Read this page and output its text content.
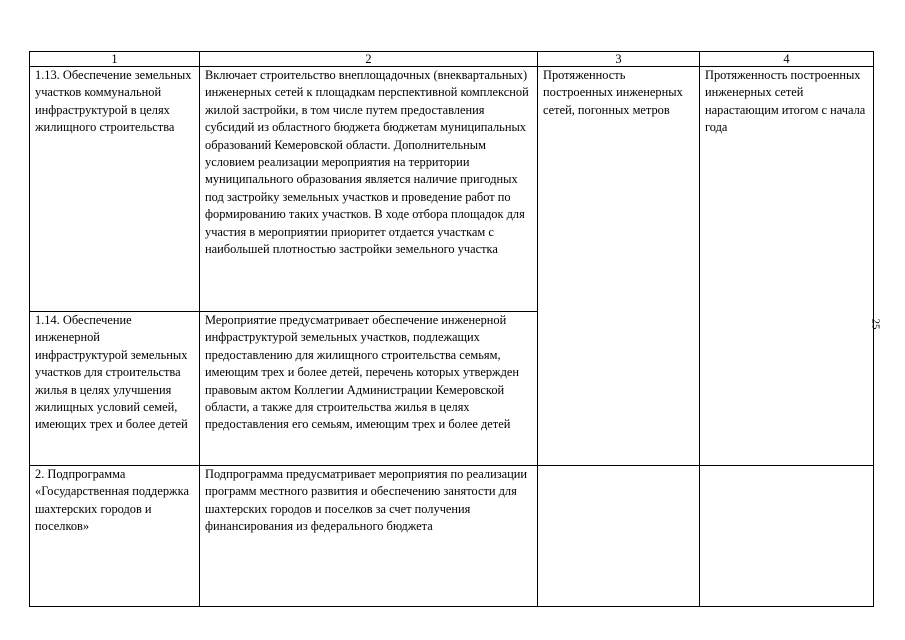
1	2	3	4
1.13. Обеспечение земельных участков коммунальной инфраструктурой в целях жилищного строительства	Включает строительство внеплощадочных (внеквартальных) инженерных сетей к площадкам перспективной комплексной жилой застройки, в том числе путем предоставления субсидий из областного бюджета бюджетам муниципальных образований Кемеровской области. Дополнительным условием реализации мероприятия на территории муниципального образования является наличие пригодных под застройку земельных участков и проведение работ по формированию таких участков. В ходе отбора площадок для участия в мероприятии приоритет отдается участкам с наибольшей плотностью застройки земельного участка	Протяженность построенных инженерных сетей, погонных метров	Протяженность построенных инженерных сетей нарастающим итогом с начала года
1.14. Обеспечение инженерной инфраструктурой земельных участков для строительства жилья в целях улучшения жилищных условий семей, имеющих трех и более детей	Мероприятие предусматривает обеспечение инженерной инфраструктурой земельных участков, подлежащих предоставлению для жилищного строительства семьям, имеющим трех и более детей, перечень которых утвержден правовым актом Коллегии Администрации Кемеровской области, а также для строительства жилья в целях предоставления его семьям, имеющим трех и более детей		
2. Подпрограмма «Государственная поддержка шахтерских городов и поселков»	Подпрограмма предусматривает мероприятия по реализации программ местного развития и обеспечению занятости для шахтерских городов и поселков за счет получения финансирования из федерального бюджета		
25
